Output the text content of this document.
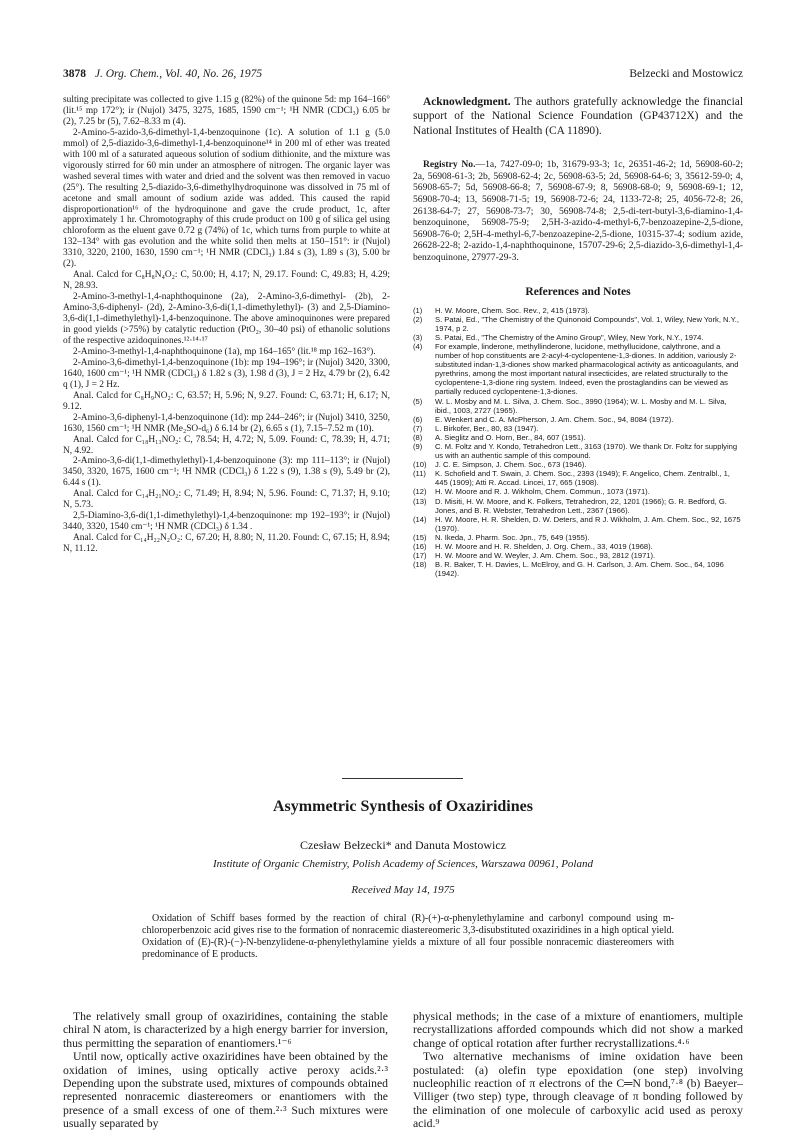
3878 J. Org. Chem., Vol. 40, No. 26, 1975	Belzecki and Mostowicz

sulting precipitate was collected to give 1.15 g (82%) of the quinone 5d: mp 164–166° (lit.¹⁵ mp 172°); ir (Nujol) 3475, 3275, 1685, 1590 cm⁻¹; ¹H NMR (CDCl₃) 6.05 br (2), 7.25 br (5), 7.62–8.33 m (4).

2-Amino-5-azido-3,6-dimethyl-1,4-benzoquinone (1c). A solution of 1.1 g (5.0 mmol) of 2,5-diazido-3,6-dimethyl-1,4-benzoquinone¹⁴ in 200 ml of ether was treated with 100 ml of a saturated aqueous solution of sodium dithionite, and the mixture was vigorously stirred for 60 min under an atmosphere of nitrogen. The organic layer was washed several times with water and dried and the solvent was then removed in vacuo (25°). The resulting 2,5-diazido-3,6-dimethylhydroquinone was dissolved in 75 ml of acetone and small amount of sodium azide was added. This caused the rapid disproportionation¹⁶ of the hydroquinone and gave the crude product, 1c, after approximately 1 hr. Chromotography of this crude product on 100 g of silica gel using chloroform as the eluent gave 0.72 g (74%) of 1c, which turns from purple to white at 132–134° with gas evolution and the white solid then melts at 150–151°: ir (Nujol) 3310, 3220, 2100, 1630, 1590 cm⁻¹; ¹H NMR (CDCl₃) 1.84 s (3), 1.89 s (3), 5.00 br (2).

Anal. Calcd for C₈H₈N₄O₂: C, 50.00; H, 4.17; N, 29.17. Found: C, 49.83; H, 4.29; N, 28.93.

2-Amino-3-methyl-1,4-naphthoquinone (2a), 2-Amino-3,6-dimethyl- (2b), 2-Amino-3,6-diphenyl- (2d), 2-Amino-3,6-di(1,1-dimethylethyl)- (3) and 2,5-Diamino-3,6-di(1,1-dimethylethyl)-1,4-benzoquinone. The above aminoquinones were prepared in good yields (>75%) by catalytic reduction (PtO₂, 30–40 psi) of ethanolic solutions of the respective azidoquinones.¹²·¹⁴·¹⁷

2-Amino-3-methyl-1,4-naphthoquinone (1a), mp 164–165° (lit.¹⁸ mp 162–163°).

2-Amino-3,6-dimethyl-1,4-benzoquinone (1b): mp 194–196°; ir (Nujol) 3420, 3300, 1640, 1600 cm⁻¹; ¹H NMR (CDCl₃) δ 1.82 s (3), 1.98 d (3), J = 2 Hz, 4.79 br (2), 6.42 q (1), J = 2 Hz.

Anal. Calcd for C₈H₉NO₂: C, 63.57; H, 5.96; N, 9.27. Found: C, 63.71; H, 6.17; N, 9.12.

2-Amino-3,6-diphenyl-1,4-benzoquinone (1d): mp 244–246°; ir (Nujol) 3410, 3250, 1630, 1560 cm⁻¹; ¹H NMR (Me₂SO-d₆) δ 6.14 br (2), 6.65 s (1), 7.15–7.52 m (10).

Anal. Calcd for C₁₈H₁₃NO₂: C, 78.54; H, 4.72; N, 5.09. Found: C, 78.39; H, 4.71; N, 4.92.

2-Amino-3,6-di(1,1-dimethylethyl)-1,4-benzoquinone (3): mp 111–113°; ir (Nujol) 3450, 3320, 1675, 1600 cm⁻¹; ¹H NMR (CDCl₃) δ 1.22 s (9), 1.38 s (9), 5.49 br (2), 6.44 s (1).

Anal. Calcd for C₁₄H₂₁NO₂: C, 71.49; H, 8.94; N, 5.96. Found: C, 71.37; H, 9.10; N, 5.73.

2,5-Diamino-3,6-di(1,1-dimethylethyl)-1,4-benzoquinone: mp 192–193°; ir (Nujol) 3440, 3320, 1540 cm⁻¹; ¹H NMR (CDCl₃) δ 1.34 .

Anal. Calcd for C₁₄H₂₂N₂O₂: C, 67.20; H, 8.80; N, 11.20. Found: C, 67.15; H, 8.94; N, 11.12.

Acknowledgment. The authors gratefully acknowledge the financial support of the National Science Foundation (GP43712X) and the National Institutes of Health (CA 11890).

Registry No.—1a, 7427-09-0; 1b, 31679-93-3; 1c, 26351-46-2; 1d, 56908-60-2; 2a, 56908-61-3; 2b, 56908-62-4; 2c, 56908-63-5; 2d, 56908-64-6; 3, 35612-59-0; 4, 56908-65-7; 5d, 56908-66-8; 7, 56908-67-9; 8, 56908-68-0; 9, 56908-69-1; 12, 56908-70-4; 13, 56908-71-5; 19, 56908-72-6; 24, 1133-72-8; 25, 4056-72-8; 26, 26138-64-7; 27, 56908-73-7; 30, 56908-74-8; 2,5-di-tert-butyl-3,6-diamino-1,4-benzoquinone, 56908-75-9; 2,5H-3-azido-4-methyl-6,7-benzoazepine-2,5-dione, 56908-76-0; 2,5H-4-methyl-6,7-benzoazepine-2,5-dione, 10315-37-4; sodium azide, 26628-22-8; 2-azido-1,4-naphthoquinone, 15707-29-6; 2,5-diazido-3,6-dimethyl-1,4-benzoquinone, 27977-29-3.

References and Notes
(1) H. W. Moore, Chem. Soc. Rev., 2, 415 (1973).
(2) S. Patai, Ed., "The Chemistry of the Quinonoid Compounds", Vol. 1, Wiley, New York, N.Y., 1974, p 2.
(3) S. Patai, Ed., "The Chemistry of the Amino Group", Wiley, New York, N.Y., 1974.
(4) For example, linderone, methyllinderone, lucidone, methyllucidone, calythrone, and a number of hop constituents are 2-acyl-4-cyclopentene-1,3-diones. In addition, variously 2-substituted indan-1,3-diones show marked pharmacological activity as anticoagulants, and pyrethrins, among the most important natural insecticides, are related structurally to the cyclopentene-1,3-dione ring system. Indeed, even the prostaglandins can be viewed as partially reduced cyclopentene-1,3-diones.
(5) W. L. Mosby and M. L. Silva, J. Chem. Soc., 3990 (1964); W. L. Mosby and M. L. Silva, ibid., 1003, 2727 (1965).
(6) E. Wenkert and C. A. McPherson, J. Am. Chem. Soc., 94, 8084 (1972).
(7) L. Birkofer, Ber., 80, 83 (1947).
(8) A. Sieglitz and O. Horn, Ber., 84, 607 (1951).
(9) C. M. Foltz and Y. Kondo, Tetrahedron Lett., 3163 (1970). We thank Dr. Foltz for supplying us with an authentic sample of this compound.
(10) J. C. E. Simpson, J. Chem. Soc., 673 (1946).
(11) K. Schofield and T. Swain, J. Chem. Soc., 2393 (1949); F. Angelico, Chem. Zentralbl., 1, 445 (1909); Atti R. Accad. Lincei, 17, 665 (1908).
(12) H. W. Moore and R. J. Wikholm, Chem. Commun., 1073 (1971).
(13) D. Misiti, H. W. Moore, and K. Folkers, Tetrahedron, 22, 1201 (1966); G. R. Bedford, G. Jones, and B. R. Webster, Tetrahedron Lett., 2367 (1966).
(14) H. W. Moore, H. R. Shelden, D. W. Deters, and R J. Wikholm, J. Am. Chem. Soc., 92, 1675 (1970).
(15) N. Ikeda, J. Pharm. Soc. Jpn., 75, 649 (1955).
(16) H. W. Moore and H. R. Shelden, J. Org. Chem., 33, 4019 (1968).
(17) H. W. Moore and W. Weyler, J. Am. Chem. Soc., 93, 2812 (1971).
(18) B. R. Baker, T. H. Davies, L. McElroy, and G. H. Carlson, J. Am. Chem. Soc., 64, 1096 (1942).
Asymmetric Synthesis of Oxaziridines
Czesław Bełzecki* and Danuta Mostowicz
Institute of Organic Chemistry, Polish Academy of Sciences, Warszawa 00961, Poland
Received May 14, 1975

Oxidation of Schiff bases formed by the reaction of chiral (R)-(+)-α-phenylethylamine and carbonyl compound using m-chloroperbenzoic acid gives rise to the formation of nonracemic diastereomeric 3,3-disubstituted oxaziridines in a high optical yield. Oxidation of (E)-(R)-(−)-N-benzylidene-α-phenylethylamine yields a mixture of all four possible nonracemic diastereomers with predominance of E products.

The relatively small group of oxaziridines, containing the stable chiral N atom, is characterized by a high energy barrier for inversion, thus permitting the separation of enantiomers.¹⁻⁶

Until now, optically active oxaziridines have been obtained by the oxidation of imines, using optically active peroxy acids.²·³ Depending upon the substrate used, mixtures of compounds obtained represented nonracemic diastereomers or enantiomers with the presence of a small excess of one of them.²·³ Such mixtures were usually separated by

physical methods; in the case of a mixture of enantiomers, multiple recrystallizations afforded compounds which did not show a marked change of optical rotation after further recrystallizations.⁴·⁶

Two alternative mechanisms of imine oxidation have been postulated: (a) olefin type epoxidation (one step) involving nucleophilic reaction of π electrons of the C═N bond,⁷·⁸ (b) Baeyer–Villiger (two step) type, through cleavage of π bonding followed by the elimination of one molecule of carboxylic acid used as peroxy acid.⁹
